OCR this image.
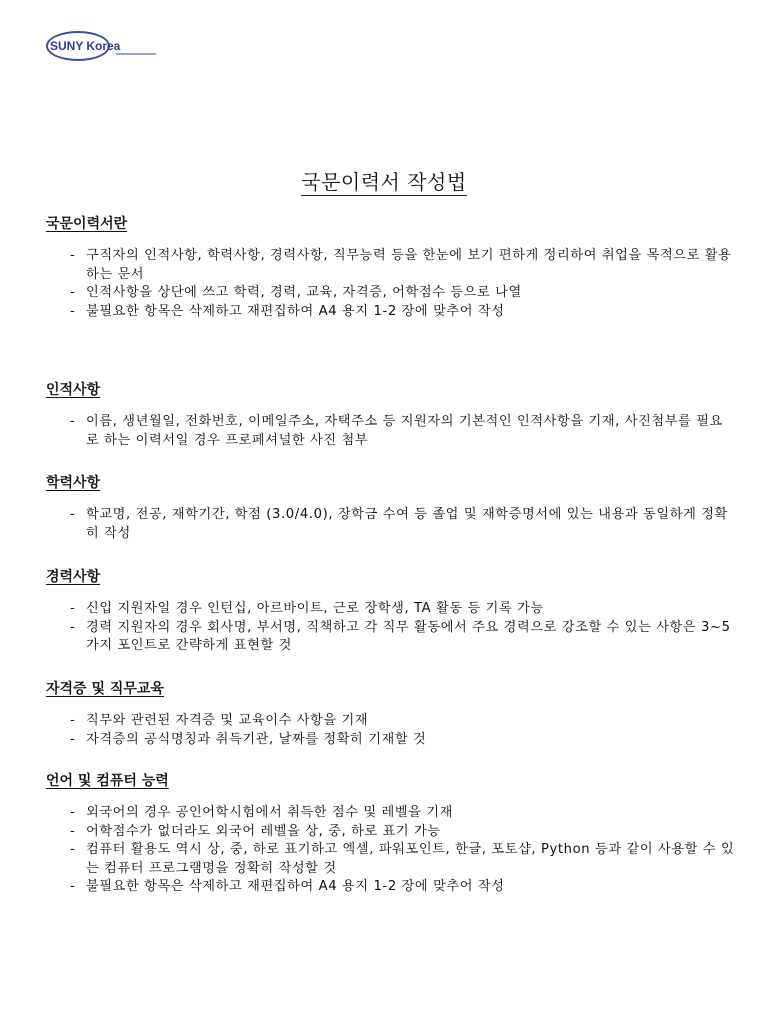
SUNY Korea
국문이력서 작성법
국문이력서란
- 구직자의 인적사항, 학력사항, 경력사항, 직무능력 등을 한눈에 보기 편하게 정리하여 취업을 목적으로 활용하는 문서
- 인적사항을 상단에 쓰고 학력, 경력, 교육, 자격증, 어학점수 등으로 나열
- 불필요한 항목은 삭제하고 재편집하여 A4 용지 1-2 장에 맞추어 작성
인적사항
- 이름, 생년월일, 전화번호, 이메일주소, 자택주소 등 지원자의 기본적인 인적사항을 기재, 사진첨부를 필요로 하는 이력서일 경우 프로페셔널한 사진 첨부
학력사항
- 학교명, 전공, 재학기간, 학점 (3.0/4.0), 장학금 수여 등 졸업 및 재학증명서에 있는 내용과 동일하게 정확히 작성
경력사항
- 신입 지원자일 경우 인턴십, 아르바이트, 근로 장학생, TA 활동 등 기록 가능
- 경력 지원자의 경우 회사명, 부서명, 직책하고 각 직무 활동에서 주요 경력으로 강조할 수 있는 사항은 3~5 가지 포인트로 간략하게 표현할 것
자격증 및 직무교육
- 직무와 관련된 자격증 및 교육이수 사항을 기재
- 자격증의 공식명칭과 취득기관, 날짜를 정확히 기재할 것
언어 및 컴퓨터 능력
- 외국어의 경우 공인어학시험에서 취득한 점수 및 레벨을 기재
- 어학점수가 없더라도 외국어 레벨을 상, 중, 하로 표기 가능
- 컴퓨터 활용도 역시 상, 중, 하로 표기하고 엑셀, 파워포인트, 한글, 포토샵, Python 등과 같이 사용할 수 있는 컴퓨터 프로그램명을 정확히 작성할 것
- 불필요한 항목은 삭제하고 재편집하여 A4 용지 1-2 장에 맞추어 작성
